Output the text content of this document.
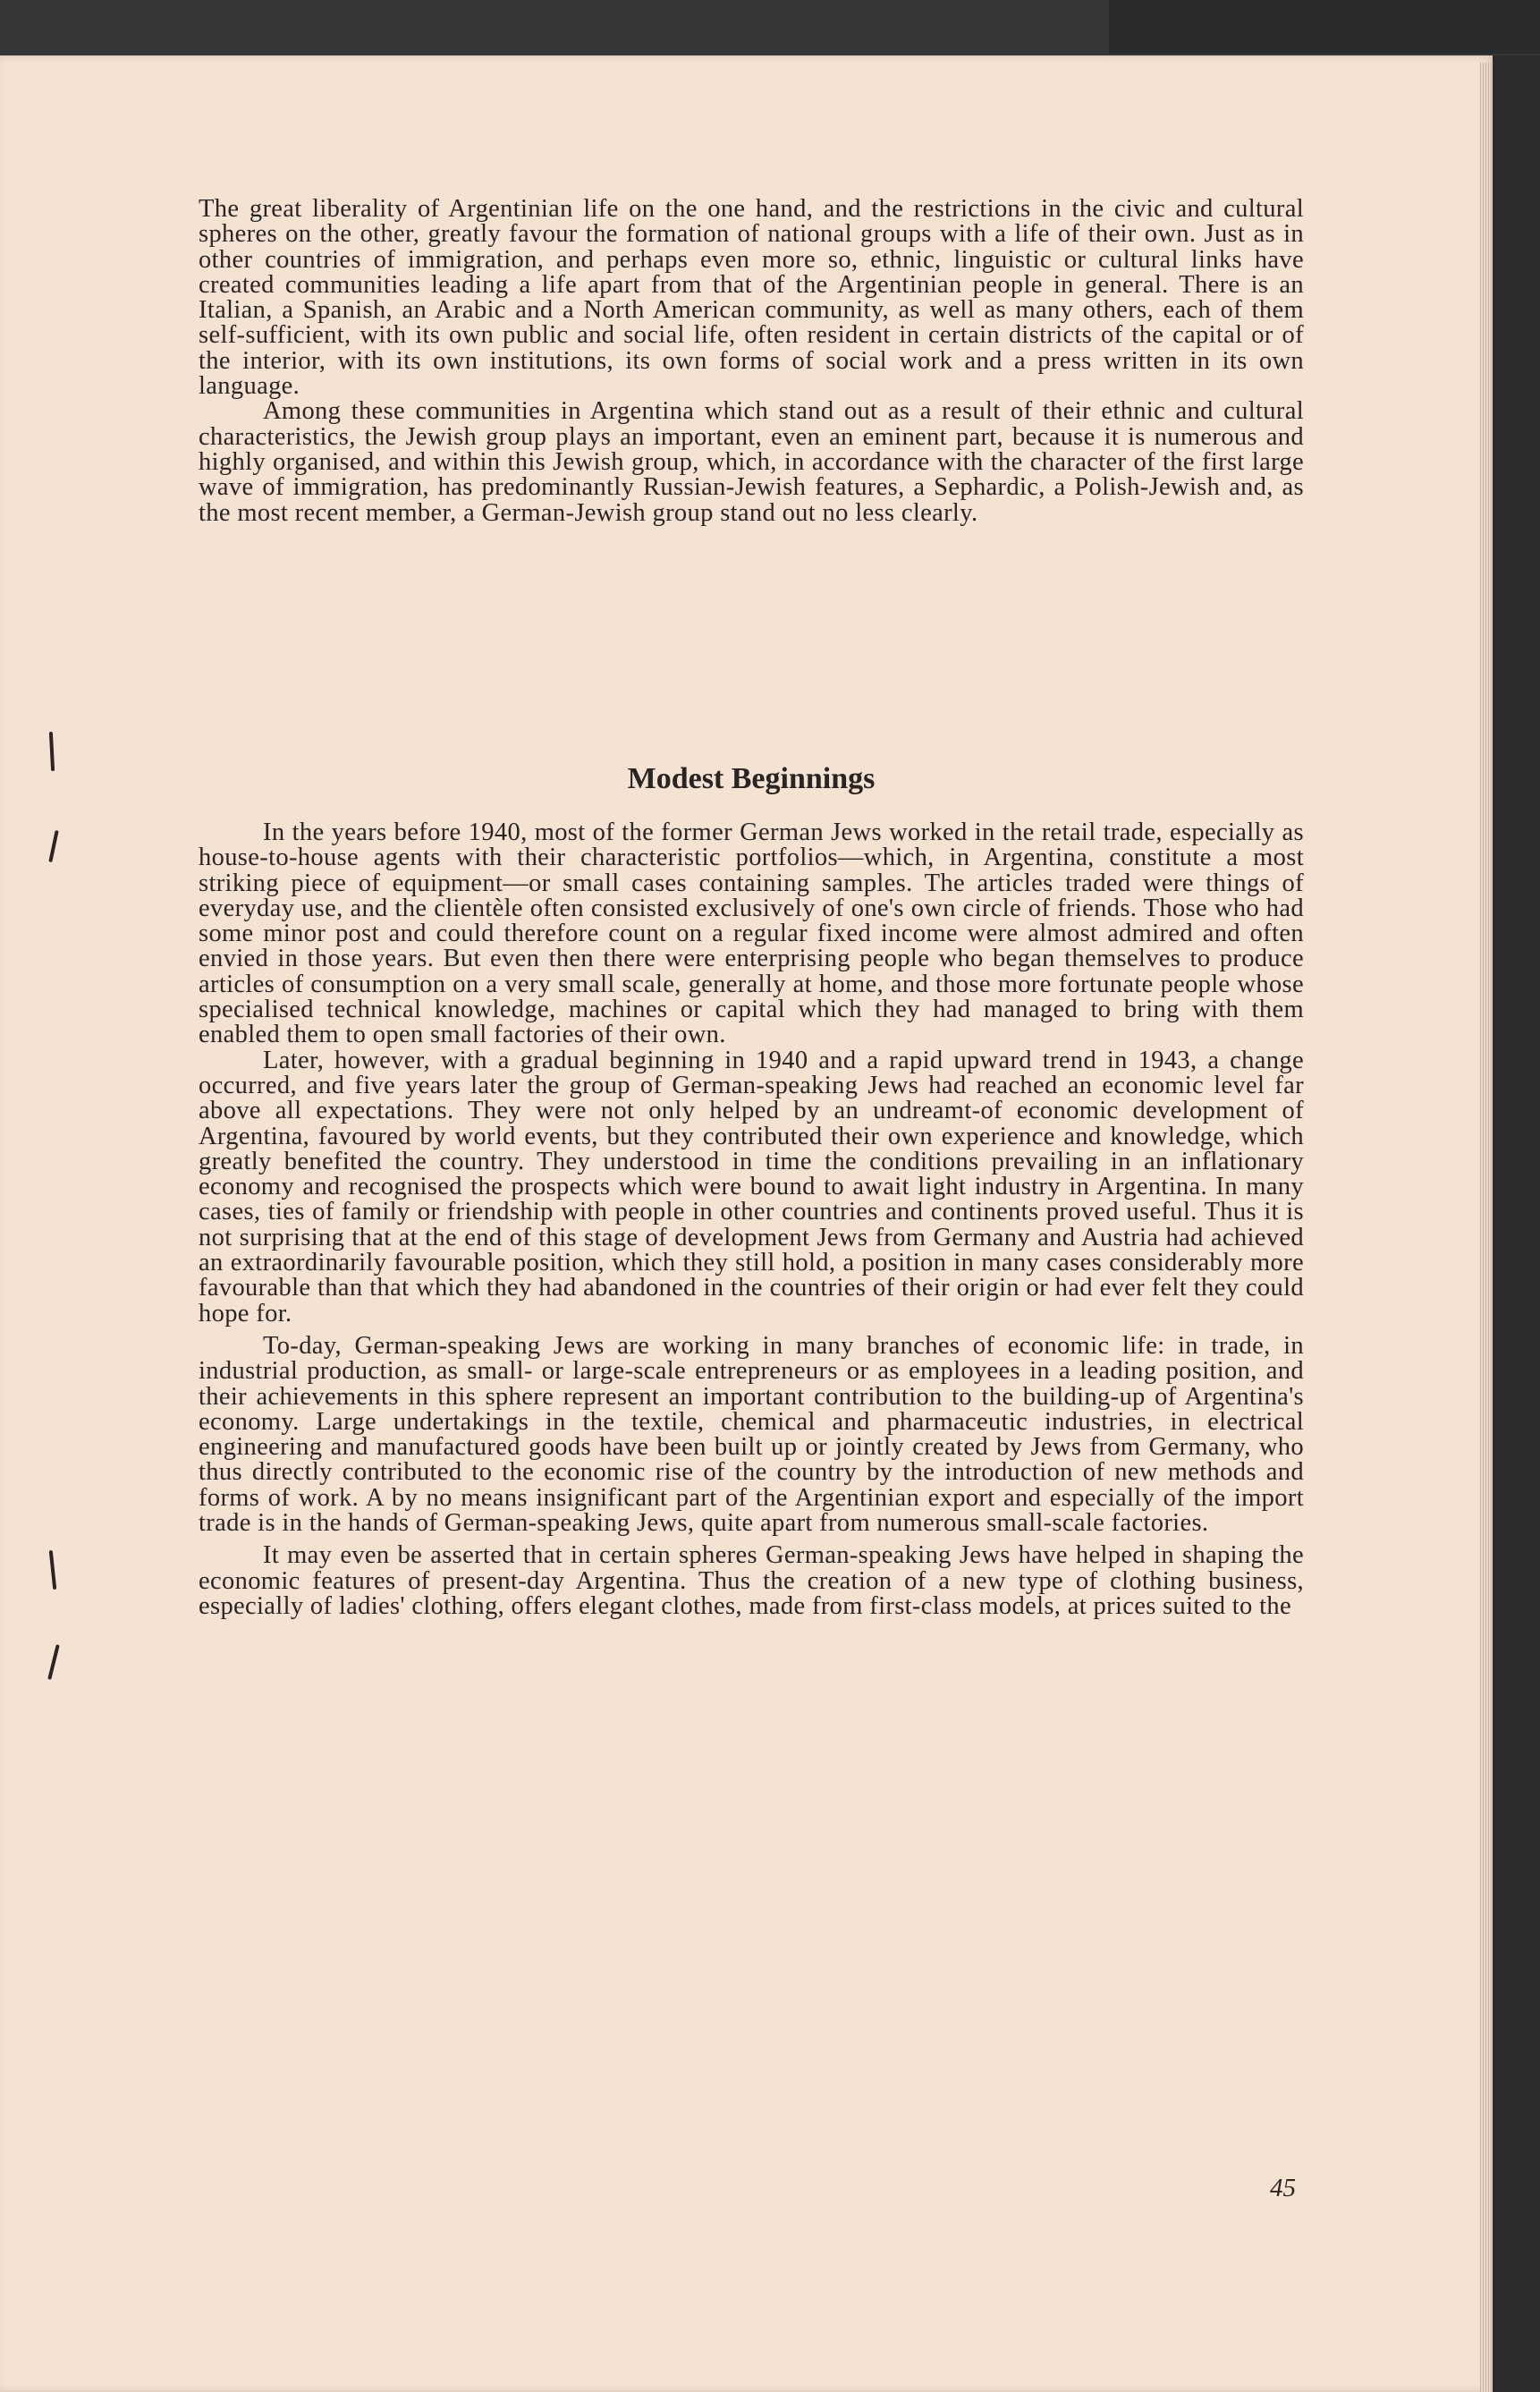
The great liberality of Argentinian life on the one hand, and the restrictions in the civic and cultural spheres on the other, greatly favour the formation of national groups with a life of their own. Just as in other countries of immigration, and perhaps even more so, ethnic, linguistic or cultural links have created communities leading a life apart from that of the Argentinian people in general. There is an Italian, a Spanish, an Arabic and a North American community, as well as many others, each of them self-sufficient, with its own public and social life, often resident in certain districts of the capital or of the interior, with its own institutions, its own forms of social work and a press written in its own language.

Among these communities in Argentina which stand out as a result of their ethnic and cultural characteristics, the Jewish group plays an important, even an eminent part, because it is numerous and highly organised, and within this Jewish group, which, in accordance with the character of the first large wave of immigration, has predominantly Russian-Jewish features, a Sephardic, a Polish-Jewish and, as the most recent member, a German-Jewish group stand out no less clearly.

Modest Beginnings

In the years before 1940, most of the former German Jews worked in the retail trade, especially as house-to-house agents with their characteristic portfolios—which, in Argentina, constitute a most striking piece of equipment—or small cases containing samples. The articles traded were things of everyday use, and the clientèle often consisted exclusively of one's own circle of friends. Those who had some minor post and could therefore count on a regular fixed income were almost admired and often envied in those years. But even then there were enterprising people who began themselves to produce articles of consumption on a very small scale, generally at home, and those more fortunate people whose specialised technical knowledge, machines or capital which they had managed to bring with them enabled them to open small factories of their own.

Later, however, with a gradual beginning in 1940 and a rapid upward trend in 1943, a change occurred, and five years later the group of German-speaking Jews had reached an economic level far above all expectations. They were not only helped by an undreamt-of economic development of Argentina, favoured by world events, but they contributed their own experience and knowledge, which greatly benefited the country. They understood in time the conditions prevailing in an inflationary economy and recognised the prospects which were bound to await light industry in Argentina. In many cases, ties of family or friendship with people in other countries and continents proved useful. Thus it is not surprising that at the end of this stage of development Jews from Germany and Austria had achieved an extraordinarily favourable position, which they still hold, a position in many cases considerably more favourable than that which they had abandoned in the countries of their origin or had ever felt they could hope for.

To-day, German-speaking Jews are working in many branches of economic life: in trade, in industrial production, as small- or large-scale entrepreneurs or as employees in a leading position, and their achievements in this sphere represent an important contribution to the building-up of Argentina's economy. Large undertakings in the textile, chemical and pharmaceutic industries, in electrical engineering and manufactured goods have been built up or jointly created by Jews from Germany, who thus directly contributed to the economic rise of the country by the introduction of new methods and forms of work. A by no means insignificant part of the Argentinian export and especially of the import trade is in the hands of German-speaking Jews, quite apart from numerous small-scale factories.

It may even be asserted that in certain spheres German-speaking Jews have helped in shaping the economic features of present-day Argentina. Thus the creation of a new type of clothing business, especially of ladies' clothing, offers elegant clothes, made from first-class models, at prices suited to the

45
